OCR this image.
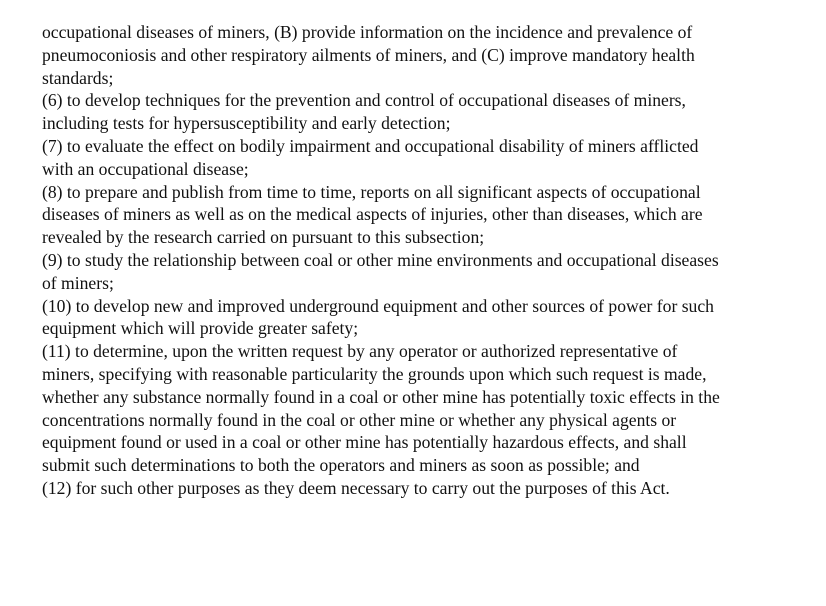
occupational diseases of miners, (B) provide information on the incidence and prevalence of
pneumoconiosis and other respiratory ailments of miners, and (C) improve mandatory health
standards;
(6) to develop techniques for the prevention and control of occupational diseases of miners,
including tests for hypersusceptibility and early detection;
(7) to evaluate the effect on bodily impairment and occupational disability of miners afflicted
with an occupational disease;
(8) to prepare and publish from time to time, reports on all significant aspects of occupational
diseases of miners as well as on the medical aspects of injuries, other than diseases, which are
revealed by the research carried on pursuant to this subsection;
(9) to study the relationship between coal or other mine environments and occupational diseases
of miners;
(10) to develop new and improved underground equipment and other sources of power for such
equipment which will provide greater safety;
(11) to determine, upon the written request by any operator or authorized representative of
miners, specifying with reasonable particularity the grounds upon which such request is made,
whether any substance normally found in a coal or other mine has potentially toxic effects in the
concentrations normally found in the coal or other mine or whether any physical agents or
equipment found or used in a coal or other mine has potentially hazardous effects, and shall
submit such determinations to both the operators and miners as soon as possible; and
(12) for such other purposes as they deem necessary to carry out the purposes of this Act.
